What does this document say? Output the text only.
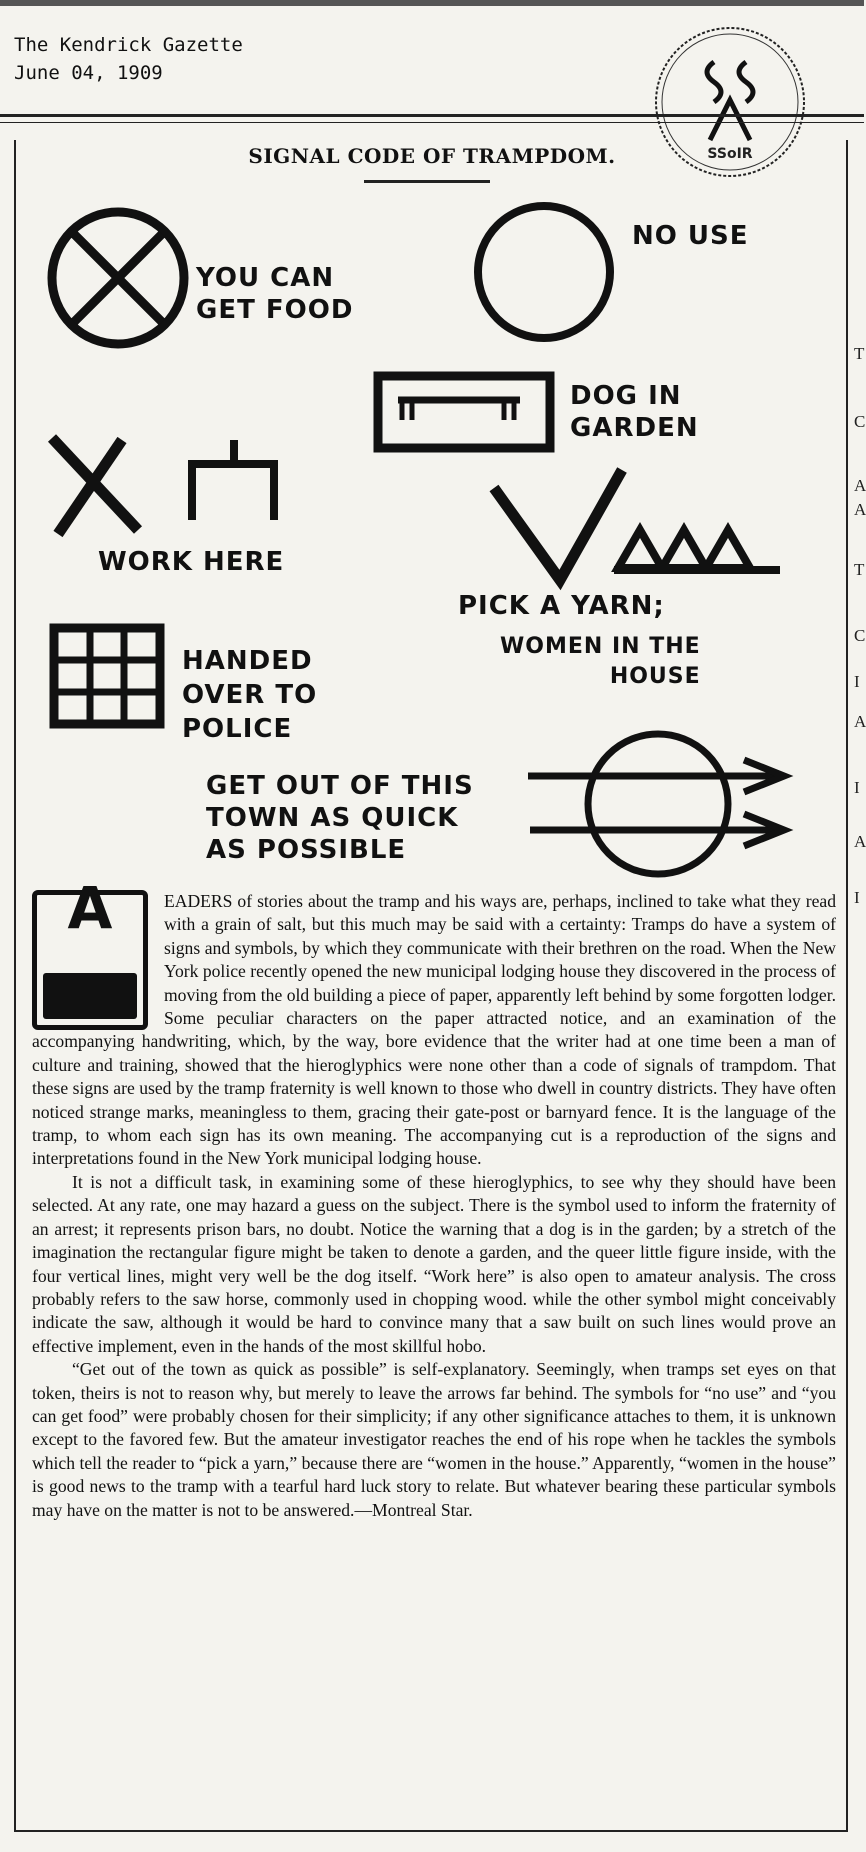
The Kendrick Gazette
June 04, 1909
SSoIR
T
C
A
A
T
C
I
A
I
A
I
SIGNAL CODE OF TRAMPDOM.
YOU CAN
GET FOOD
NO USE
DOG IN
GARDEN
WORK HERE
PICK A YARN;
WOMEN IN THE
HOUSE
HANDED
OVER TO
POLICE
GET OUT OF THIS
TOWN AS QUICK
AS POSSIBLE

A	EADERS of stories about the tramp and his ways are, perhaps, inclined to take what they read with a grain of salt, but this much may be said with a certainty: Tramps do have a system of signs and symbols, by which they communicate with their brethren on the road. When the New York police recently opened the new municipal lodging house they discovered in the process of moving from the old building a piece of paper, apparently left behind by some forgotten lodger. Some peculiar characters on the paper attracted notice, and an examination of the accompanying handwriting, which, by the way, bore evidence that the writer had at one time been a man of culture and training, showed that the hieroglyphics were none other than a code of signals of trampdom. That these signs are used by the tramp fraternity is well known to those who dwell in country districts. They have often noticed strange marks, meaningless to them, gracing their gate-post or barnyard fence. It is the language of the tramp, to whom each sign has its own meaning. The accompanying cut is a reproduction of the signs and interpretations found in the New York municipal lodging house.

It is not a difficult task, in examining some of these hieroglyphics, to see why they should have been selected. At any rate, one may hazard a guess on the subject. There is the symbol used to inform the fraternity of an arrest; it represents prison bars, no doubt. Notice the warning that a dog is in the garden; by a stretch of the imagination the rectangular figure might be taken to denote a garden, and the queer little figure inside, with the four vertical lines, might very well be the dog itself. “Work here” is also open to amateur analysis. The cross probably refers to the saw horse, commonly used in chopping wood. while the other symbol might conceivably indicate the saw, although it would be hard to convince many that a saw built on such lines would prove an effective implement, even in the hands of the most skillful hobo.

“Get out of the town as quick as possible” is self-explanatory. Seemingly, when tramps set eyes on that token, theirs is not to reason why, but merely to leave the arrows far behind. The symbols for “no use” and “you can get food” were probably chosen for their simplicity; if any other significance attaches to them, it is unknown except to the favored few. But the amateur investigator reaches the end of his rope when he tackles the symbols which tell the reader to “pick a yarn,” because there are “women in the house.” Apparently, “women in the house” is good news to the tramp with a tearful hard luck story to relate. But whatever bearing these particular symbols may have on the matter is not to be answered.—Montreal Star.
